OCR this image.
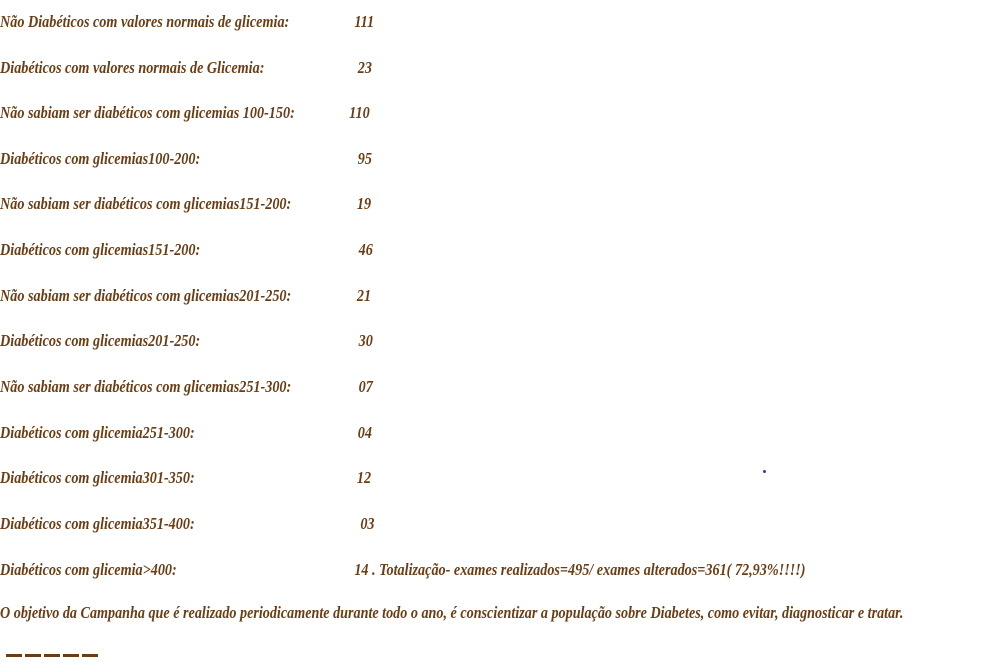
Não Diabéticos com valores normais de glicemia:	111
Diabéticos com valores normais de Glicemia:	23
Não sabiam ser diabéticos com glicemias 100-150:	110
Diabéticos com glicemias100-200:	95
Não sabiam ser diabéticos com glicemias151-200:	19
Diabéticos com glicemias151-200:	46
Não sabiam ser diabéticos com glicemias201-250:	21
Diabéticos com glicemias201-250:	30
Não sabiam ser diabéticos com glicemias251-300:	07
Diabéticos com glicemia251-300:	04
Diabéticos com glicemia301-350:	12
Diabéticos com glicemia351-400:	03
Diabéticos com glicemia>400:	14 . Totalização- exames realizados=495/ exames alterados=361( 72,93%!!!!)
O objetivo da Campanha que é realizado periodicamente durante todo o ano, é conscientizar a população sobre Diabetes, como evitar, diagnosticar e tratar.
